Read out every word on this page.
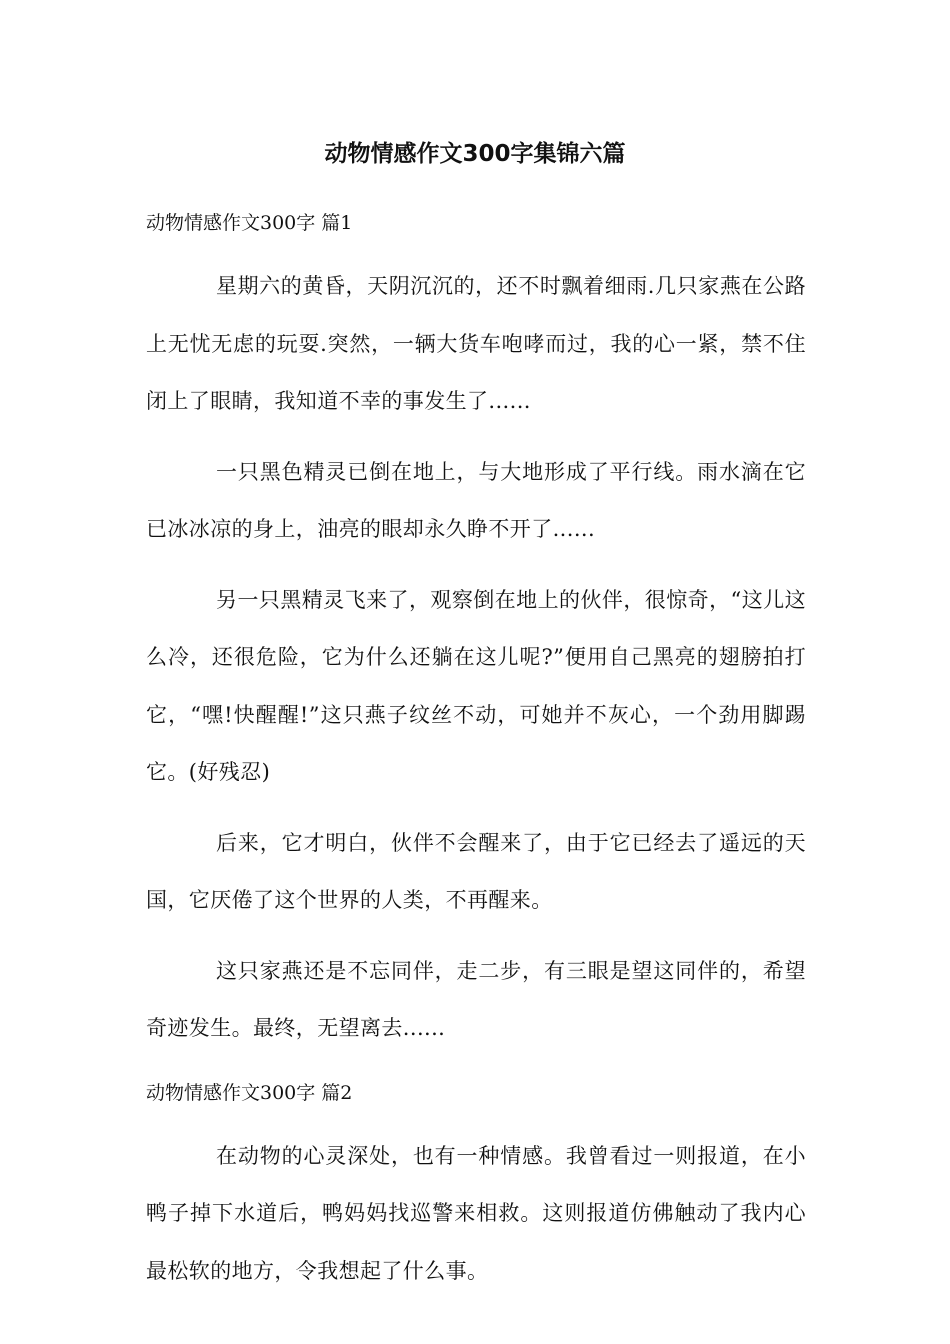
动物情感作文300字集锦六篇
动物情感作文300字 篇1

星期六的黄昏，天阴沉沉的，还不时飘着细雨.几只家燕在公路上无忧无虑的玩耍.突然，一辆大货车咆哮而过，我的心一紧，禁不住闭上了眼睛，我知道不幸的事发生了......

一只黑色精灵已倒在地上，与大地形成了平行线。雨水滴在它已冰冰凉的身上，油亮的眼却永久睁不开了......

另一只黑精灵飞来了，观察倒在地上的伙伴，很惊奇，“这儿这么冷，还很危险，它为什么还躺在这儿呢?”便用自己黑亮的翅膀拍打它，“嘿!快醒醒!”这只燕子纹丝不动，可她并不灰心，一个劲用脚踢它。(好残忍)

后来，它才明白，伙伴不会醒来了，由于它已经去了遥远的天国，它厌倦了这个世界的人类，不再醒来。

这只家燕还是不忘同伴，走二步，有三眼是望这同伴的，希望奇迹发生。最终，无望离去......

动物情感作文300字 篇2

在动物的心灵深处，也有一种情感。我曾看过一则报道，在小鸭子掉下水道后，鸭妈妈找巡警来相救。这则报道仿佛触动了我内心最松软的地方，令我想起了什么事。
